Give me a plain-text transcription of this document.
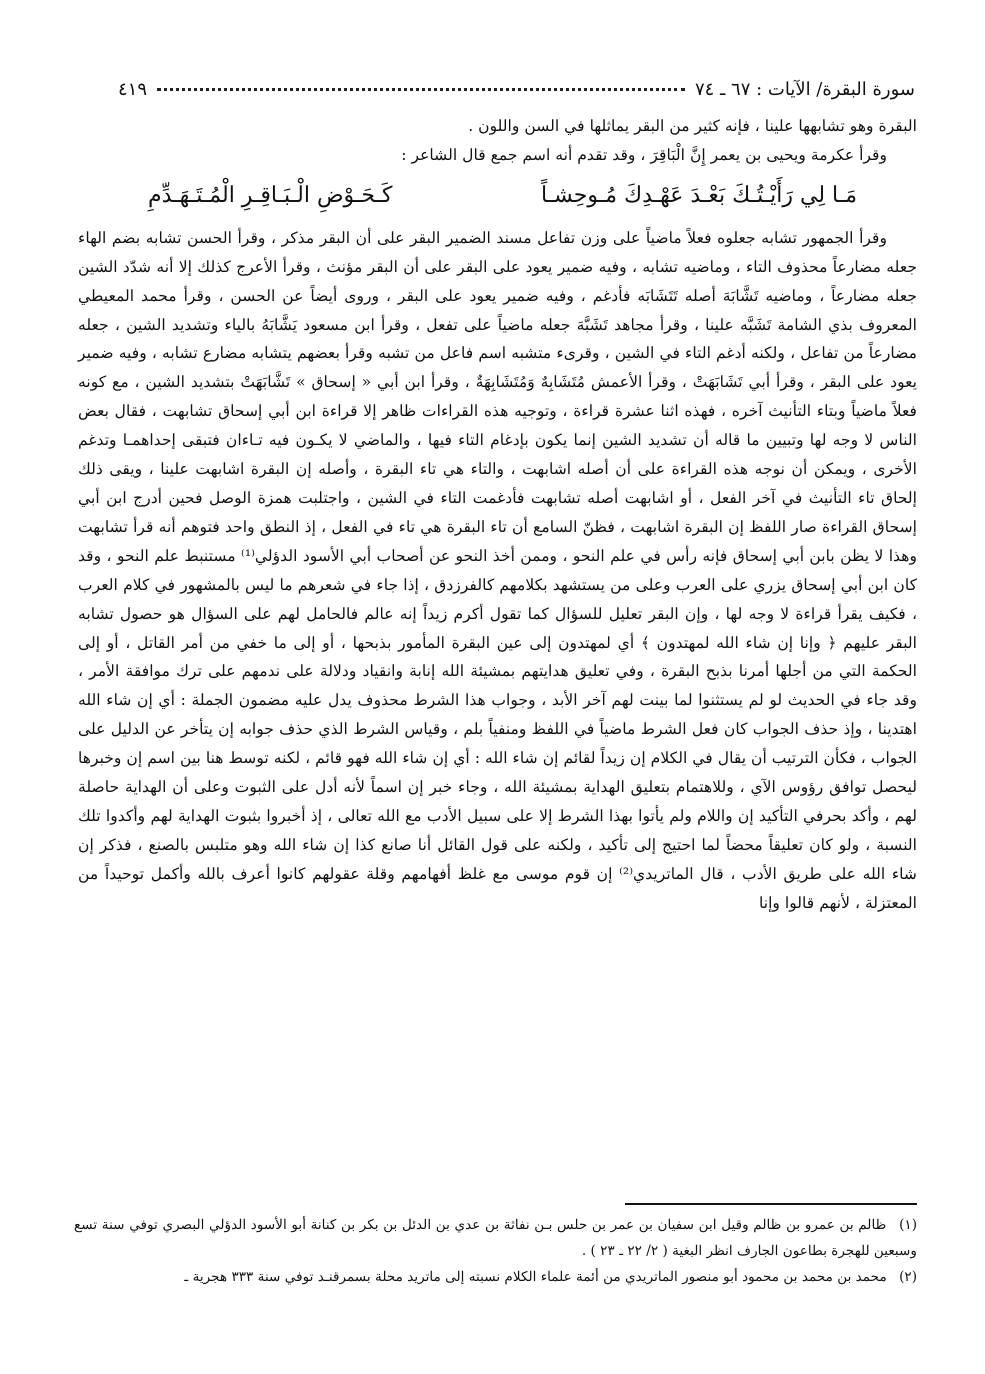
سورة البقرة/ الآيات : ٦٧ ـ ٧٤
٤١٩

البقرة وهو تشابهها علينا ، فإنه كثير من البقر يماثلها في السن واللون .

وقرأ عكرمة ويحيى بن يعمر إِنَّ الْبَاقِرَ ، وقد تقدم أنه اسم جمع قال الشاعر :

مَـا لِي رَأَيْـتُـكَ بَعْـدَ عَهْـدِكَ مُـوحِشـاً
كَـحَـوْضِ الْـبَـاقِـرِ الْمُـتَـهَـدِّمِ

وقرأ الجمهور تشابه جعلوه فعلاً ماضياً على وزن تفاعل مسند الضمير البقر على أن البقر مذكر ، وقرأ الحسن تشابه بضم الهاء جعله مضارعاً محذوف التاء ، وماضيه تشابه ، وفيه ضمير يعود على البقر على أن البقر مؤنث ، وقرأ الأعرج كذلك إلا أنه شدّد الشين جعله مضارعاً ، وماضيه تَشَّابَهَ أصله تَتَشَابَه فأدغم ، وفيه ضمير يعود على البقر ، وروى أيضاً عن الحسن ، وقرأ محمد المعيطي المعروف بذي الشامة تَشَبَّه علينا ، وقرأ مجاهد تَشَبَّهَ جعله ماضياً على تفعل ، وقرأ ابن مسعود يَشَّابَهُ بالياء وتشديد الشين ، جعله مضارعاً من تفاعل ، ولكنه أدغم التاء في الشين ، وقرىء متشبه اسم فاعل من تشبه وقرأ بعضهم يتشابه مضارع تشابه ، وفيه ضمير يعود على البقر ، وقرأ أبي تَشَابَهَتْ ، وقرأ الأعمش مُتَشَابِهٌ وَمُتَشَابِهَةٌ ، وقرأ ابن أبي « إسحاق » تَشَّابَهَتْ بتشديد الشين ، مع كونه فعلاً ماضياً وبتاء التأنيث آخره ، فهذه اثنا عشرة قراءة ، وتوجيه هذه القراءات ظاهر إلا قراءة ابن أبي إسحاق تشابهت ، فقال بعض الناس لا وجه لها وتبيين ما قاله أن تشديد الشين إنما يكون بإدغام التاء فيها ، والماضي لا يكـون فيه تـاءان فتبقى إحداهمـا وتدغم الأخرى ، ويمكن أن نوجه هذه القراءة على أن أصله اشابهت ، والتاء هي تاء البقرة ، وأصله إن البقرة اشابهت علينا ، ويقى ذلك إلحاق تاء التأنيث في آخر الفعل ، أو اشابهت أصله تشابهت فأدغمت التاء في الشين ، واجتلبت همزة الوصل فحين أدرج ابن أبي إسحاق القراءة صار اللفظ إن البقرة اشابهت ، فظنّ السامع أن تاء البقرة هي تاء في الفعل ، إذ النطق واحد فتوهم أنه قرأ تشابهت وهذا لا يظن بابن أبي إسحاق فإنه رأس في علم النحو ، وممن أخذ النحو عن أصحاب أبي الأسود الدؤلي⁽¹⁾ مستنبط علم النحو ، وقد كان ابن أبي إسحاق يزري على العرب وعلى من يستشهد بكلامهم كالفرزدق ، إذا جاء في شعرهم ما ليس بالمشهور في كلام العرب ، فكيف يقرأ قراءة لا وجه لها ، وإن البقر تعليل للسؤال كما تقول أكرم زيداً إنه عالم فالحامل لهم على السؤال هو حصول تشابه البقر عليهم ﴿ وإنا إن شاء الله لمهتدون ﴾ أي لمهتدون إلى عين البقرة المأمور بذبحها ، أو إلى ما خفي من أمر القاتل ، أو إلى الحكمة التي من أجلها أمرنا بذبح البقرة ، وفي تعليق هدايتهم بمشيئة الله إنابة وانقياد ودلالة على ندمهم على ترك موافقة الأمر ، وقد جاء في الحديث لو لم يستثنوا لما بينت لهم آخر الأبد ، وجواب هذا الشرط محذوف يدل عليه مضمون الجملة : أي إن شاء الله اهتدينا ، وإذ حذف الجواب كان فعل الشرط ماضياً في اللفظ ومنفياً بلم ، وقياس الشرط الذي حذف جوابه إن يتأخر عن الدليل على الجواب ، فكأن الترتيب أن يقال في الكلام إن زيداً لقائم إن شاء الله : أي إن شاء الله فهو قائم ، لكنه توسط هنا بين اسم إن وخبرها ليحصل توافق رؤوس الآي ، وللاهتمام بتعليق الهداية بمشيئة الله ، وجاء خبر إن اسماً لأنه أدل على الثبوت وعلى أن الهداية حاصلة لهم ، وأكد بحرفي التأكيد إن واللام ولم يأتوا بهذا الشرط إلا على سبيل الأدب مع الله تعالى ، إذ أخبروا بثبوت الهداية لهم وأكدوا تلك النسبة ، ولو كان تعليقاً محضاً لما احتيج إلى تأكيد ، ولكنه على قول القائل أنا صانع كذا إن شاء الله وهو متلبس بالصنع ، فذكر إن شاء الله على طريق الأدب ، قال الماتريدي⁽²⁾ إن قوم موسى مع غلظ أفهامهم وقلة عقولهم كانوا أعرف بالله وأكمل توحيداً من المعتزلة ، لأنهم قالوا وإنا

(١) ظالم بن عمرو بن ظالم وقيل ابن سفيان بن عمر بن حلس بـن نفاثة بن عدي بن الدئل بن بكر بن كنانة أبو الأسود الدؤلي البصري توفي سنة تسع وسبعين للهجرة بطاعون الجارف انظر البغية ( ٢/ ٢٢ ـ ٢٣ ) .

(٢) محمد بن محمد بن محمود أبو منصور الماتريدي من أئمة علماء الكلام نسبته إلى ماتريد محلة بسمرقنـد توفي سنة ٣٣٣ هجرية ـ
